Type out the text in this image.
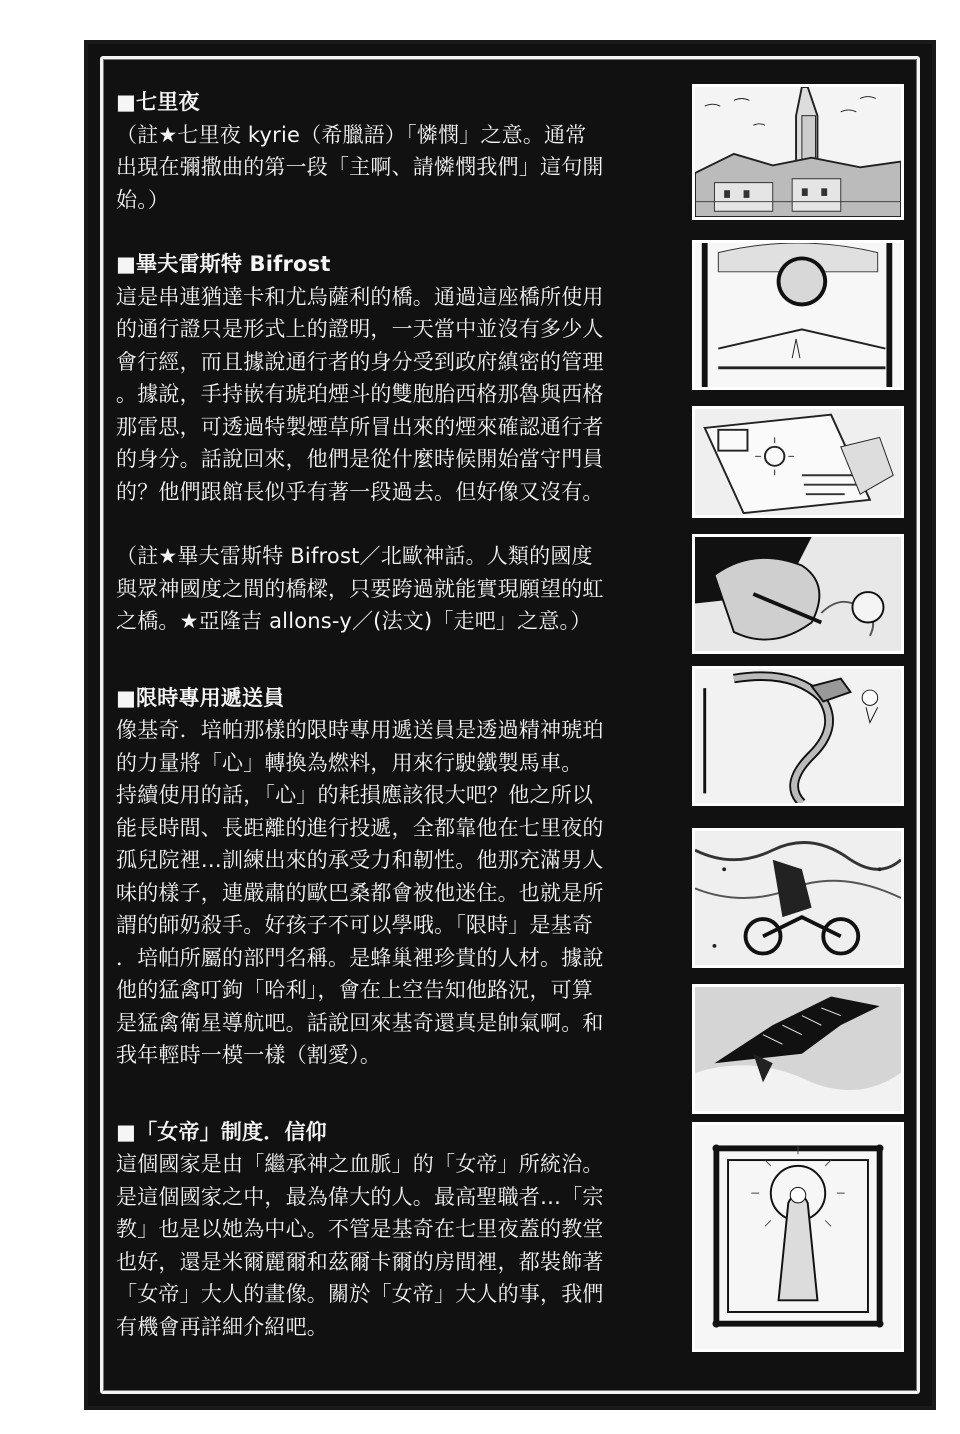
■七里夜

（註★七里夜 kyrie（希臘語）「憐憫」之意。通常

出現在彌撒曲的第一段「主啊、請憐憫我們」這句開

始。）

■畢夫雷斯特 Bifrost

這是串連猶達卡和尤烏薩利的橋。通過這座橋所使用

的通行證只是形式上的證明，一天當中並沒有多少人

會行經，而且據說通行者的身分受到政府縝密的管理

。據說，手持嵌有琥珀煙斗的雙胞胎西格那魯與西格

那雷思，可透過特製煙草所冒出來的煙來確認通行者

的身分。話說回來，他們是從什麼時候開始當守門員

的？他們跟館長似乎有著一段過去。但好像又沒有。

（註★畢夫雷斯特 Bifrost／北歐神話。人類的國度

與眾神國度之間的橋樑，只要跨過就能實現願望的虹

之橋。★亞隆吉 allons-y／(法文)「走吧」之意。）

■限時專用遞送員

像基奇．培帕那樣的限時專用遞送員是透過精神琥珀

的力量將「心」轉換為燃料，用來行駛鐵製馬車。

持續使用的話，「心」的耗損應該很大吧？他之所以

能長時間、長距離的進行投遞，全都靠他在七里夜的

孤兒院裡…訓練出來的承受力和韌性。他那充滿男人

味的樣子，連嚴肅的歐巴桑都會被他迷住。也就是所

謂的師奶殺手。好孩子不可以學哦。「限時」是基奇

．培帕所屬的部門名稱。是蜂巢裡珍貴的人材。據說

他的猛禽叮鉤「哈利」，會在上空告知他路況，可算

是猛禽衛星導航吧。話說回來基奇還真是帥氣啊。和

我年輕時一模一樣（割愛）。

■「女帝」制度．信仰

這個國家是由「繼承神之血脈」的「女帝」所統治。

是這個國家之中，最為偉大的人。最高聖職者…「宗

教」也是以她為中心。不管是基奇在七里夜蓋的教堂

也好，還是米爾麗爾和茲爾卡爾的房間裡，都裝飾著

「女帝」大人的畫像。關於「女帝」大人的事，我們

有機會再詳細介紹吧。
